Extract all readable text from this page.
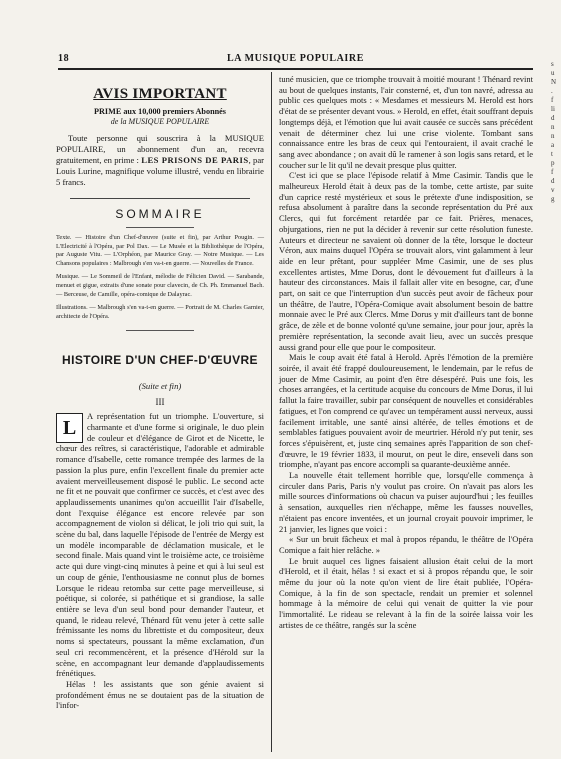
18	LA MUSIQUE POPULAIRE
AVIS IMPORTANT
PRIME aux 10,000 premiers Abonnés
de la MUSIQUE POPULAIRE
Toute personne qui souscrira à la MUSIQUE POPULAIRE, un abonnement d'un an, recevra gratuitement, en prime : LES PRISONS DE PARIS, par Louis Lurine, magnifique volume illustré, vendu en librairie 5 francs.
SOMMAIRE
Texte. — Histoire d'un Chef-d'œuvre (suite et fin), par Arthur Pougin. — L'Electricité à l'Opéra, par Pol Dax. — Le Musée et la Bibliothèque de l'Opéra, par Auguste Vitu. — L'Orphéon, par Maurice Gray. — Notre Musique. — Les Chansons populaires : Malbrough s'en va-t-en guerre. — Nouvelles de France.
Musique. — Le Sommeil de l'Enfant, mélodie de Félicien David. — Sarabande, menuet et gigue, extraits d'une sonate pour clavecin, de Ch. Ph. Emmanuel Bach. — Berceuse, de Camille, opéra-comique de Dalayrac.
Illustrations. — Malbrough s'en va-t-en guerre. — Portrait de M. Charles Garnier, architecte de l'Opéra.
HISTOIRE D'UN CHEF-D'ŒUVRE
(Suite et fin)
III
L

A représentation fut un triomphe. L'ouverture, si charmante et d'une forme si originale, le duo plein de couleur et d'élégance de Girot et de Nicette, le chœur des reîtres, si caractéristique, l'adorable et admirable romance d'Isabelle, cette romance trempée des larmes de la passion la plus pure, enfin l'excellent finale du premier acte avaient merveilleusement disposé le public. Le second acte ne fit et ne pouvait que confirmer ce succès, et c'est avec des applaudissements unanimes qu'on accueillit l'air d'Isabelle, dont l'exquise élégance est encore relevée par son accompagnement de violon si délicat, le joli trio qui suit, la scène du bal, dans laquelle l'épisode de l'entrée de Mergy est un modèle incomparable de déclamation musicale, et le second finale. Mais quand vint le troisième acte, ce troisième acte qui dure vingt-cinq minutes à peine et qui à lui seul est un coup de génie, l'enthousiasme ne connut plus de bornes Lorsque le rideau retomba sur cette page merveilleuse, si poétique, si colorée, si pathétique et si grandiose, la salle entière se leva d'un seul bond pour demander l'auteur, et quand, le rideau relevé, Thénard fût venu jeter à cette salle frémissante les noms du librettiste et du compositeur, deux noms si spectateurs, poussant la même exclamation, d'un seul cri recommencèrent, et la présence d'Hérold sur la scène, en accompagnant leur demande d'applaudissements frénétiques.

Hélas ! les assistants que son génie avaient si profondément émus ne se doutaient pas de la situation de l'infor-

tuné musicien, que ce triomphe trouvait à moitié mourant ! Thénard revint au bout de quelques instants, l'air consterné, et, d'un ton navré, adressa au public ces quelques mots : « Mesdames et messieurs M. Herold est hors d'état de se présenter devant vous. » Herold, en effet, était souffrant depuis longtemps déjà, et l'émotion que lui avait causée ce succès sans précédent venait de déterminer chez lui une crise violente. Tombant sans connaissance entre les bras de ceux qui l'entouraient, il avait craché le sang avec abondance ; on avait dû le ramener à son logis sans retard, et le coucher sur le lit qu'il ne devait presque plus quitter.

C'est ici que se place l'épisode relatif à Mme Casimir. Tandis que le malheureux Herold était à deux pas de la tombe, cette artiste, par suite d'un caprice resté mystérieux et sous le prétexte d'une indisposition, se refusa absolument à paraître dans la seconde représentation du Pré aux Clercs, qui fut forcément retardée par ce fait. Prières, menaces, objurgations, rien ne put la décider à revenir sur cette résolution funeste. Auteurs et directeur ne savaient où donner de la tête, lorsque le docteur Véron, aux mains duquel l'Opéra se trouvait alors, vint galamment à leur aide en leur prêtant, pour suppléer Mme Casimir, une de ses plus excellentes artistes, Mme Dorus, dont le dévouement fut d'ailleurs à la hauteur des circonstances. Mais il fallait aller vite en besogne, car, d'une part, on sait ce que l'interruption d'un succès peut avoir de fâcheux pour un théâtre, de l'autre, l'Opéra-Comique avait absolument besoin de battre monnaie avec le Pré aux Clercs. Mme Dorus y mit d'ailleurs tant de bonne grâce, de zèle et de bonne volonté qu'une semaine, jour pour jour, après la première représentation, la seconde avait lieu, avec un succès presque aussi grand pour elle que pour le compositeur.

Mais le coup avait été fatal à Herold. Après l'émotion de la première soirée, il avait été frappé douloureusement, le lendemain, par le refus de jouer de Mme Casimir, au point d'en être désespéré. Puis une fois, les choses arrangées, et la certitude acquise du concours de Mme Dorus, il lui fallut la faire travailler, subir par conséquent de nouvelles et considérables fatigues, et l'on comprend ce qu'avec un tempérament aussi nerveux, aussi facilement irritable, une santé ainsi altérée, de telles émotions et de semblables fatigues pouvaient avoir de meurtrier. Hérold n'y put tenir, ses forces s'épuisèrent, et, juste cinq semaines après l'apparition de son chef-d'œuvre, le 19 février 1833, il mourut, on peut le dire, enseveli dans son triomphe, n'ayant pas encore accompli sa quarante-deuxième année.

La nouvelle était tellement horrible que, lorsqu'elle commença à circuler dans Paris, Paris n'y voulut pas croire. On n'avait pas alors les mille sources d'informations où chacun va puiser aujourd'hui ; les feuilles à sensation, auxquelles rien n'échappe, même les fausses nouvelles, n'étaient pas encore inventées, et un journal croyait pouvoir imprimer, le 21 janvier, les lignes que voici :

« Sur un bruit fâcheux et mal à propos répandu, le théâtre de l'Opéra Comique a fait hier relâche. »

Le bruit auquel ces lignes faisaient allusion était celui de la mort d'Herold, et il était, hélas ! si exact et si à propos répandu que, le soir même du jour où la note qu'on vient de lire était publiée, l'Opéra-Comique, à la fin de son spectacle, rendait un premier et solennel hommage à la mémoire de celui qui venait de quitter la vie pour l'immortalité. Le rideau se relevant à la fin de la soirée laissa voir les artistes de ce théâtre, rangés sur la scène

s
u
N
.
f
li
d
n
n
a
t
p
f
d
v
g
